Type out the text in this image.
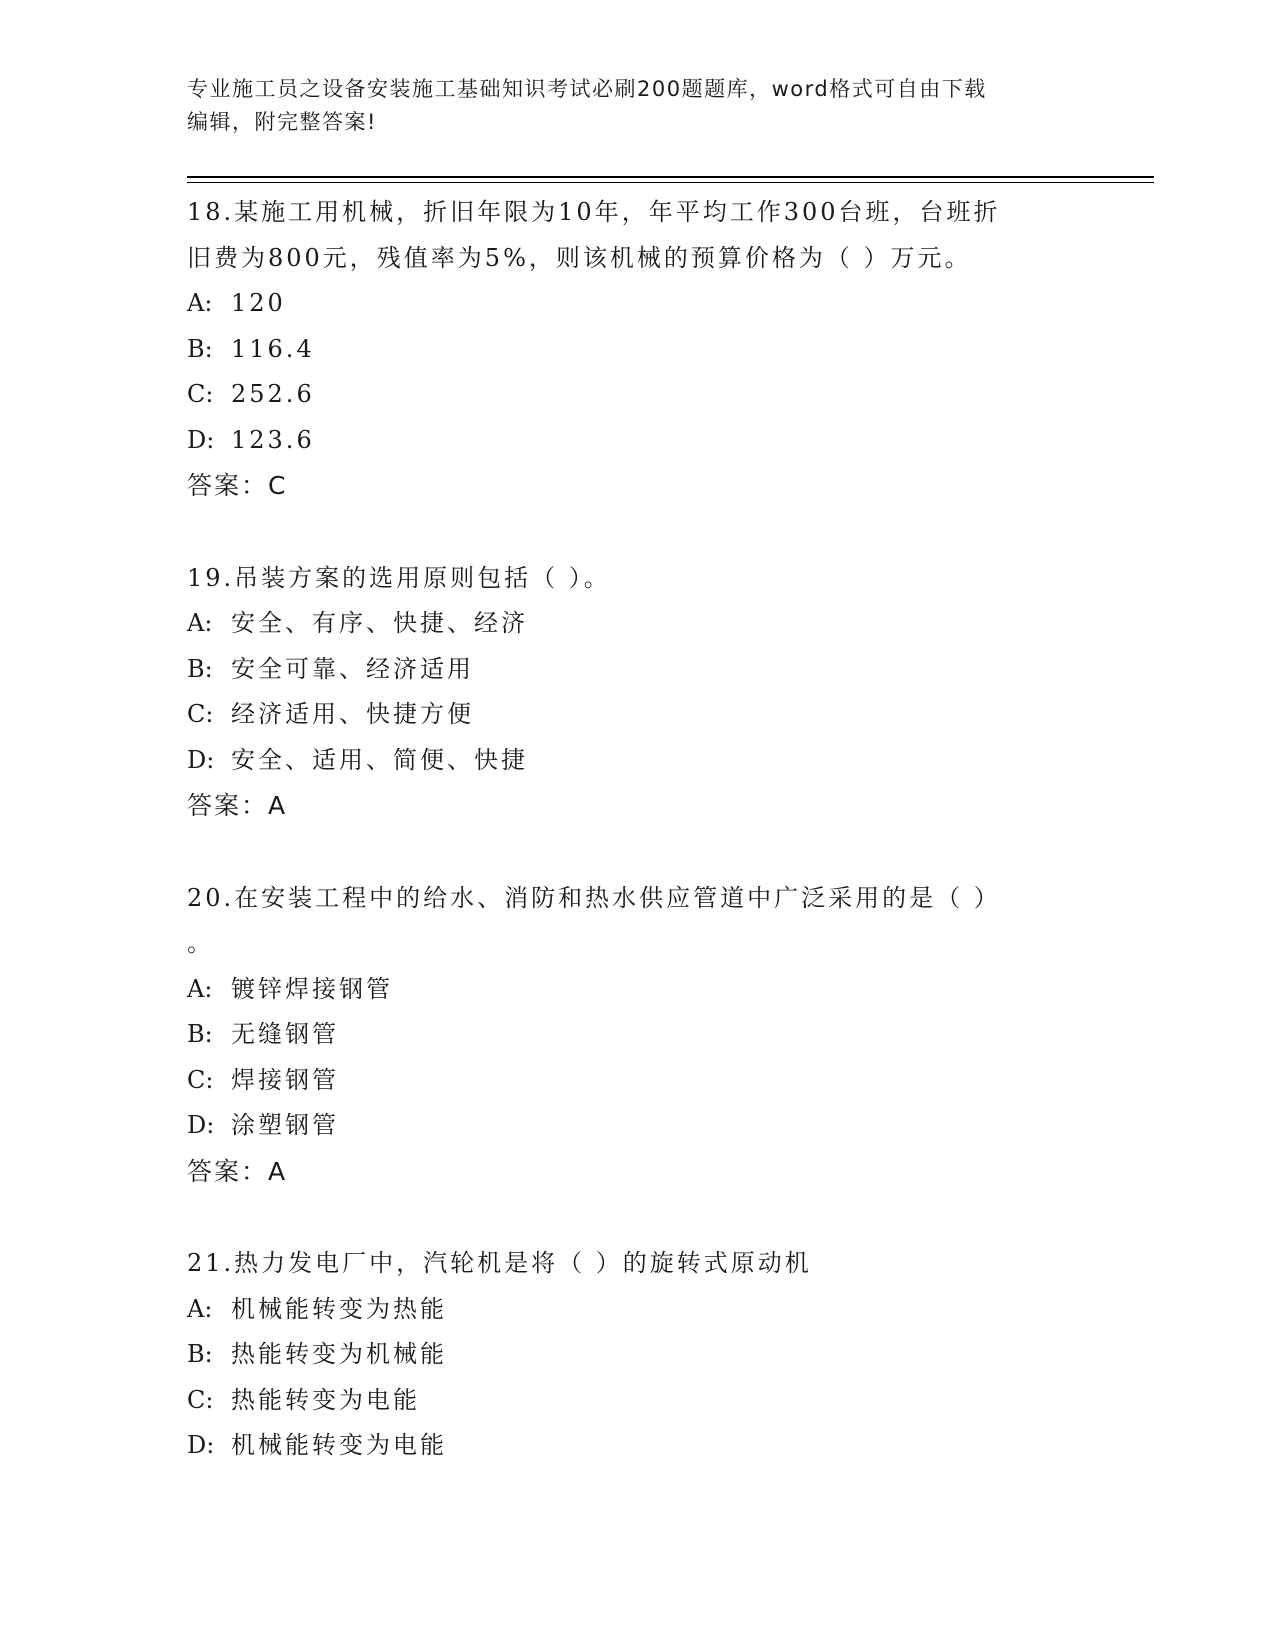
专业施工员之设备安装施工基础知识考试必刷200题题库，word格式可自由下载
编辑，附完整答案!
18.某施工用机械，折旧年限为10年，年平均工作300台班，台班折
旧费为800元，残值率为5%，则该机械的预算价格为（ ）万元。
A: 120
B: 116.4
C: 252.6
D: 123.6
答案：C
19.吊装方案的选用原则包括（ ）。
A: 安全、有序、快捷、经济
B: 安全可靠、经济适用
C: 经济适用、快捷方便
D: 安全、适用、简便、快捷
答案：A
20.在安装工程中的给水、消防和热水供应管道中广泛采用的是（ ）
。
A: 镀锌焊接钢管
B: 无缝钢管
C: 焊接钢管
D: 涂塑钢管
答案：A
21.热力发电厂中，汽轮机是将（ ）的旋转式原动机
A: 机械能转变为热能
B: 热能转变为机械能
C: 热能转变为电能
D: 机械能转变为电能
